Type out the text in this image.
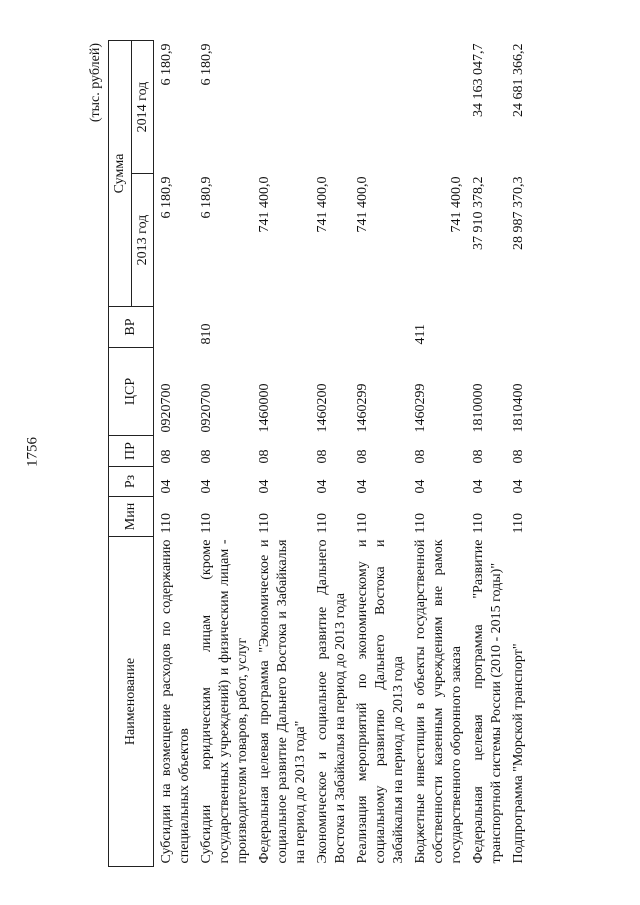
1756
(тыс. рублей)
Наименование	Мин	Рз	ПР	ЦСР	ВР	Сумма	
						2013 год	2014 год
Субсидии на возмещение расходов по содержанию специальных объектов	110	04	08	0920700		6 180,9	6 180,9
Субсидии юридическим лицам (кроме государственных учреждений) и физическим лицам - производителям товаров, работ, услуг	110	04	08	0920700	810	6 180,9	6 180,9
Федеральная целевая программа "Экономическое и социальное развитие Дальнего Востока и Забайкалья на период до 2013 года"	110	04	08	1460000		741 400,0	
Экономическое и социальное развитие Дальнего Востока и Забайкалья на период до 2013 года	110	04	08	1460200		741 400,0	
Реализация мероприятий по экономическому и социальному развитию Дальнего Востока и Забайкалья на период до 2013 года	110	04	08	1460299		741 400,0	
Бюджетные инвестиции в объекты государственной собственности казенным учреждениям вне рамок государственного оборонного заказа	110	04	08	1460299	411	741 400,0	
Федеральная целевая программа "Развитие транспортной системы России (2010 - 2015 годы)"	110	04	08	1810000		37 910 378,2	34 163 047,7
Подпрограмма "Морской транспорт"	110	04	08	1810400		28 987 370,3	24 681 366,2
